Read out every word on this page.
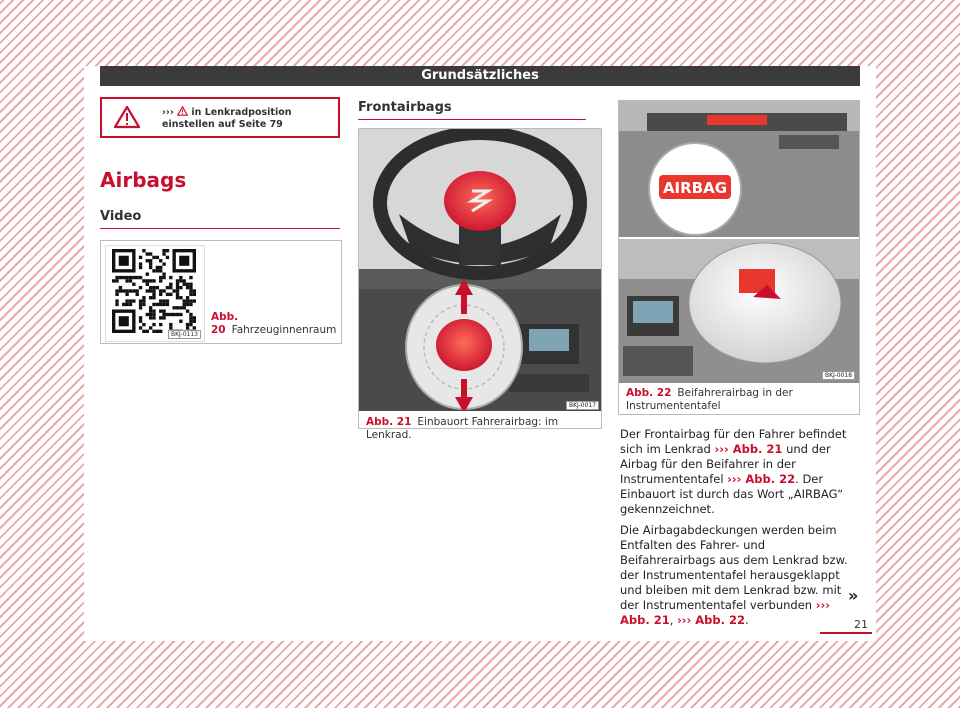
Grundsätzliches
››› in Lenkradposition einstellen auf Seite 79
Airbags
Video
BKJ-0113
Abb. 20 Fahrzeuginnenraum
Frontairbags
BKJ-0017
Abb. 21 Einbauort Fahrerairbag: im Lenkrad.
AIRBAG
BKJ-0018
Abb. 22 Beifahrerairbag in der Instrumententafel

Der Frontairbag für den Fahrer befindet sich im Lenkrad ››› Abb. 21 und der Airbag für den Beifahrer in der Instrumententafel ››› Abb. 22. Der Einbauort ist durch das Wort „AIRBAG“ gekennzeichnet.

Die Airbagabdeckungen werden beim Entfalten des Fahrer- und Beifahrerairbags aus dem Lenkrad bzw. der Instrumententafel herausgeklappt und bleiben mit dem Lenkrad bzw. mit der Instrumententafel verbunden ››› Abb. 21, ››› Abb. 22.

»
21
